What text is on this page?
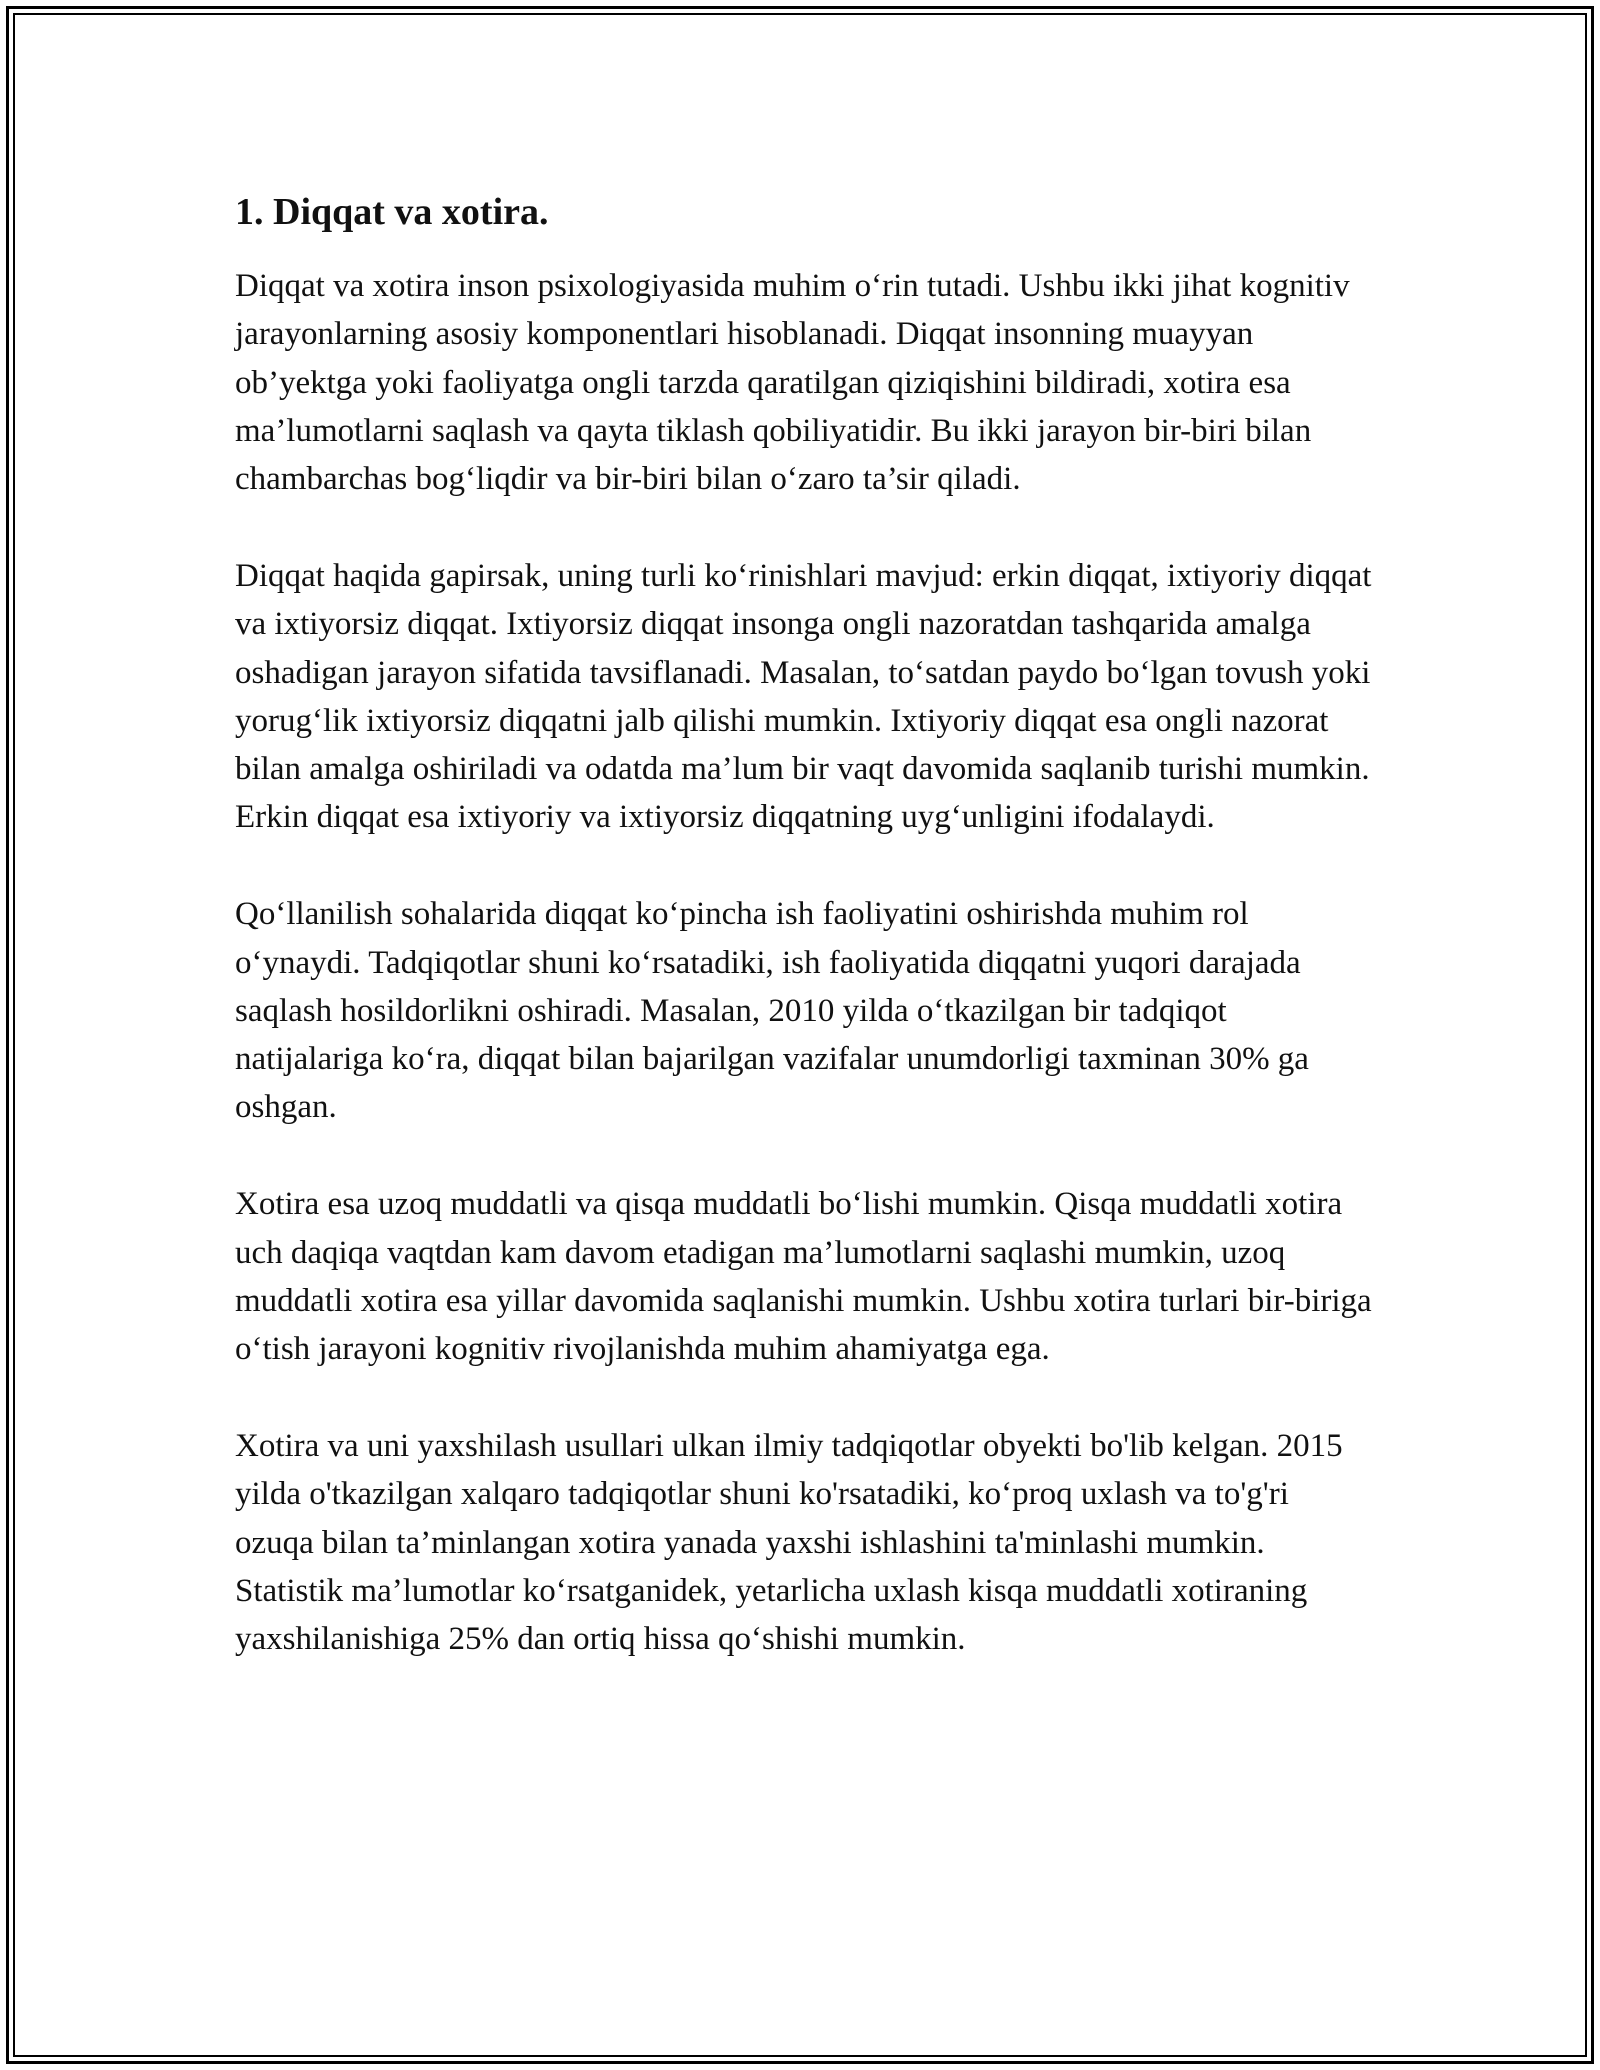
1. Diqqat va xotira.

Diqqat va xotira inson psixologiyasida muhim o‘rin tutadi. Ushbu ikki jihat kognitiv jarayonlarning asosiy komponentlari hisoblanadi. Diqqat insonning muayyan ob’yektga yoki faoliyatga ongli tarzda qaratilgan qiziqishini bildiradi, xotira esa ma’lumotlarni saqlash va qayta tiklash qobiliyatidir. Bu ikki jarayon bir-biri bilan chambarchas bog‘liqdir va bir-biri bilan o‘zaro ta’sir qiladi.

Diqqat haqida gapirsak, uning turli ko‘rinishlari mavjud: erkin diqqat, ixtiyoriy diqqat va ixtiyorsiz diqqat. Ixtiyorsiz diqqat insonga ongli nazoratdan tashqarida amalga oshadigan jarayon sifatida tavsiflanadi. Masalan, to‘satdan paydo bo‘lgan tovush yoki yorug‘lik ixtiyorsiz diqqatni jalb qilishi mumkin. Ixtiyoriy diqqat esa ongli nazorat bilan amalga oshiriladi va odatda ma’lum bir vaqt davomida saqlanib turishi mumkin. Erkin diqqat esa ixtiyoriy va ixtiyorsiz diqqatning uyg‘unligini ifodalaydi.

Qo‘llanilish sohalarida diqqat ko‘pincha ish faoliyatini oshirishda muhim rol o‘ynaydi. Tadqiqotlar shuni ko‘rsatadiki, ish faoliyatida diqqatni yuqori darajada saqlash hosildorlikni oshiradi. Masalan, 2010 yilda o‘tkazilgan bir tadqiqot natijalariga ko‘ra, diqqat bilan bajarilgan vazifalar unumdorligi taxminan 30% ga oshgan.

Xotira esa uzoq muddatli va qisqa muddatli bo‘lishi mumkin. Qisqa muddatli xotira uch daqiqa vaqtdan kam davom etadigan ma’lumotlarni saqlashi mumkin, uzoq muddatli xotira esa yillar davomida saqlanishi mumkin. Ushbu xotira turlari bir-biriga o‘tish jarayoni kognitiv rivojlanishda muhim ahamiyatga ega.

Xotira va uni yaxshilash usullari ulkan ilmiy tadqiqotlar obyekti bo'lib kelgan. 2015 yilda o'tkazilgan xalqaro tadqiqotlar shuni ko'rsatadiki, ko‘proq uxlash va to'g'ri ozuqa bilan ta’minlangan xotira yanada yaxshi ishlashini ta'minlashi mumkin. Statistik ma’lumotlar ko‘rsatganidek, yetarlicha uxlash kisqa muddatli xotiraning yaxshilanishiga 25% dan ortiq hissa qo‘shishi mumkin.
